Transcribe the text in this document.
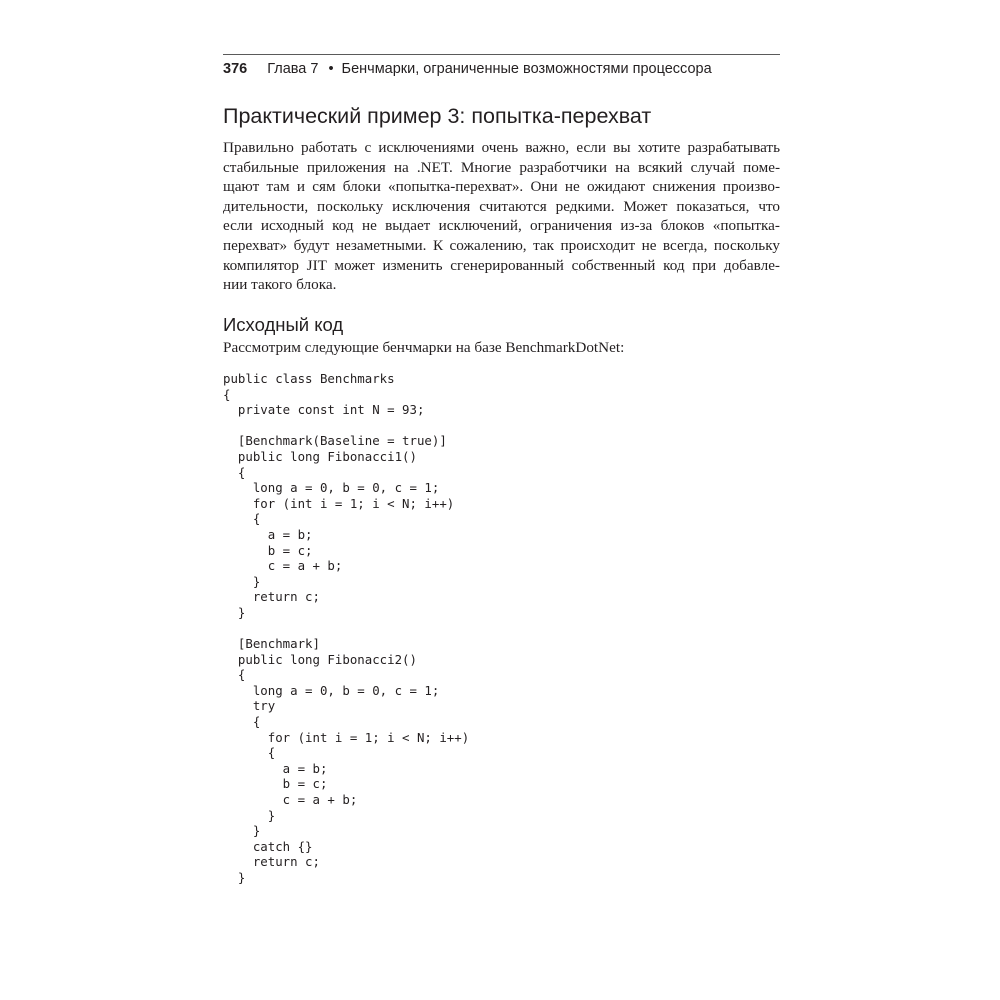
376 Глава 7 • Бенчмарки, ограниченные возможностями процессора
Практический пример 3: попытка-перехват

Правильно работать с исключениями очень важно, если вы хотите разрабатывать
стабильные приложения на .NET. Многие разработчики на всякий случай поме-
щают там и сям блоки «попытка-перехват». Они не ожидают снижения произво-
дительности, поскольку исключения считаются редкими. Может показаться, что
если исходный код не выдает исключений, ограничения из-за блоков «попытка-
перехват» будут незаметными. К сожалению, так происходит не всегда, поскольку
компилятор JIT может изменить сгенерированный собственный код при добавле-
нии такого блока.

Исходный код

Рассмотрим следующие бенчмарки на базе BenchmarkDotNet:

public class Benchmarks
{
private const int N = 93;
[Benchmark(Baseline = true)]
public long Fibonacci1()
{
long a = 0, b = 0, c = 1;
for (int i = 1; i < N; i++)
{
a = b;
b = c;
c = a + b;
}
return c;
}
[Benchmark]
public long Fibonacci2()
{
long a = 0, b = 0, c = 1;
try
{
for (int i = 1; i < N; i++)
{
a = b;
b = c;
c = a + b;
}
}
catch {}
return c;
}
